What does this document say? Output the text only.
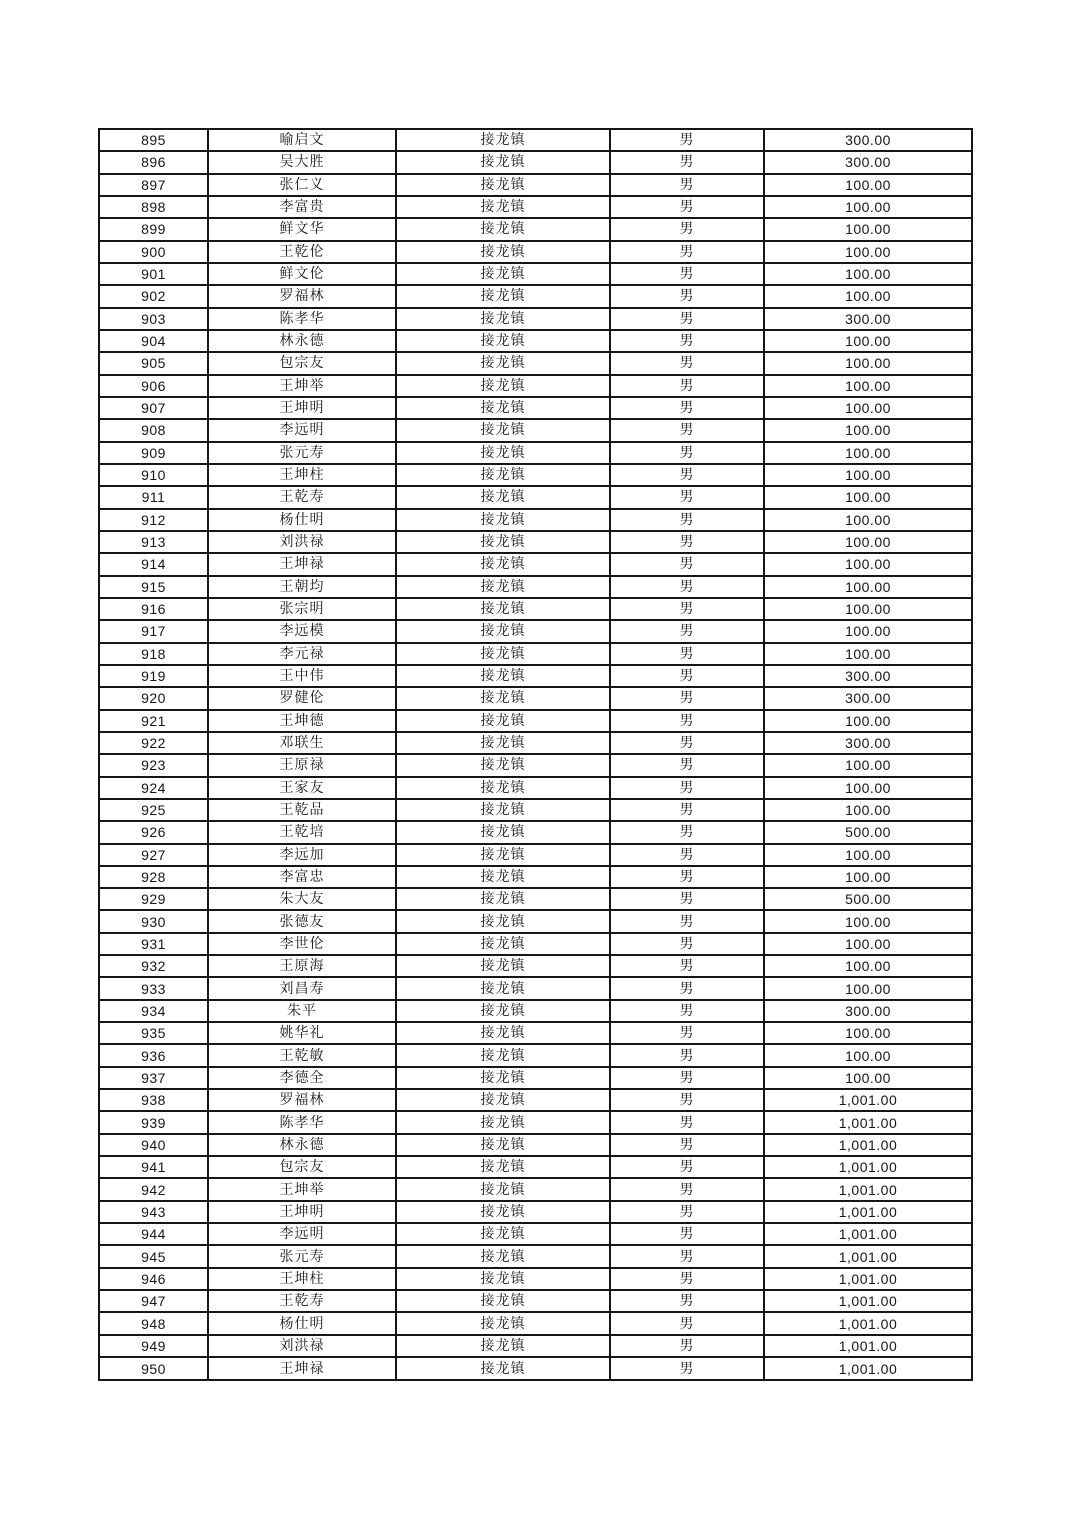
895	喻启文	接龙镇	男	300.00
896	吴大胜	接龙镇	男	300.00
897	张仁义	接龙镇	男	100.00
898	李富贵	接龙镇	男	100.00
899	鲜文华	接龙镇	男	100.00
900	王乾伦	接龙镇	男	100.00
901	鲜文伦	接龙镇	男	100.00
902	罗福林	接龙镇	男	100.00
903	陈孝华	接龙镇	男	300.00
904	林永德	接龙镇	男	100.00
905	包宗友	接龙镇	男	100.00
906	王坤举	接龙镇	男	100.00
907	王坤明	接龙镇	男	100.00
908	李远明	接龙镇	男	100.00
909	张元寿	接龙镇	男	100.00
910	王坤柱	接龙镇	男	100.00
911	王乾寿	接龙镇	男	100.00
912	杨仕明	接龙镇	男	100.00
913	刘洪禄	接龙镇	男	100.00
914	王坤禄	接龙镇	男	100.00
915	王朝均	接龙镇	男	100.00
916	张宗明	接龙镇	男	100.00
917	李远模	接龙镇	男	100.00
918	李元禄	接龙镇	男	100.00
919	王中伟	接龙镇	男	300.00
920	罗健伦	接龙镇	男	300.00
921	王坤德	接龙镇	男	100.00
922	邓联生	接龙镇	男	300.00
923	王原禄	接龙镇	男	100.00
924	王家友	接龙镇	男	100.00
925	王乾品	接龙镇	男	100.00
926	王乾培	接龙镇	男	500.00
927	李远加	接龙镇	男	100.00
928	李富忠	接龙镇	男	100.00
929	朱大友	接龙镇	男	500.00
930	张德友	接龙镇	男	100.00
931	李世伦	接龙镇	男	100.00
932	王原海	接龙镇	男	100.00
933	刘昌寿	接龙镇	男	100.00
934	朱平	接龙镇	男	300.00
935	姚华礼	接龙镇	男	100.00
936	王乾敏	接龙镇	男	100.00
937	李德全	接龙镇	男	100.00
938	罗福林	接龙镇	男	1,001.00
939	陈孝华	接龙镇	男	1,001.00
940	林永德	接龙镇	男	1,001.00
941	包宗友	接龙镇	男	1,001.00
942	王坤举	接龙镇	男	1,001.00
943	王坤明	接龙镇	男	1,001.00
944	李远明	接龙镇	男	1,001.00
945	张元寿	接龙镇	男	1,001.00
946	王坤柱	接龙镇	男	1,001.00
947	王乾寿	接龙镇	男	1,001.00
948	杨仕明	接龙镇	男	1,001.00
949	刘洪禄	接龙镇	男	1,001.00
950	王坤禄	接龙镇	男	1,001.00
